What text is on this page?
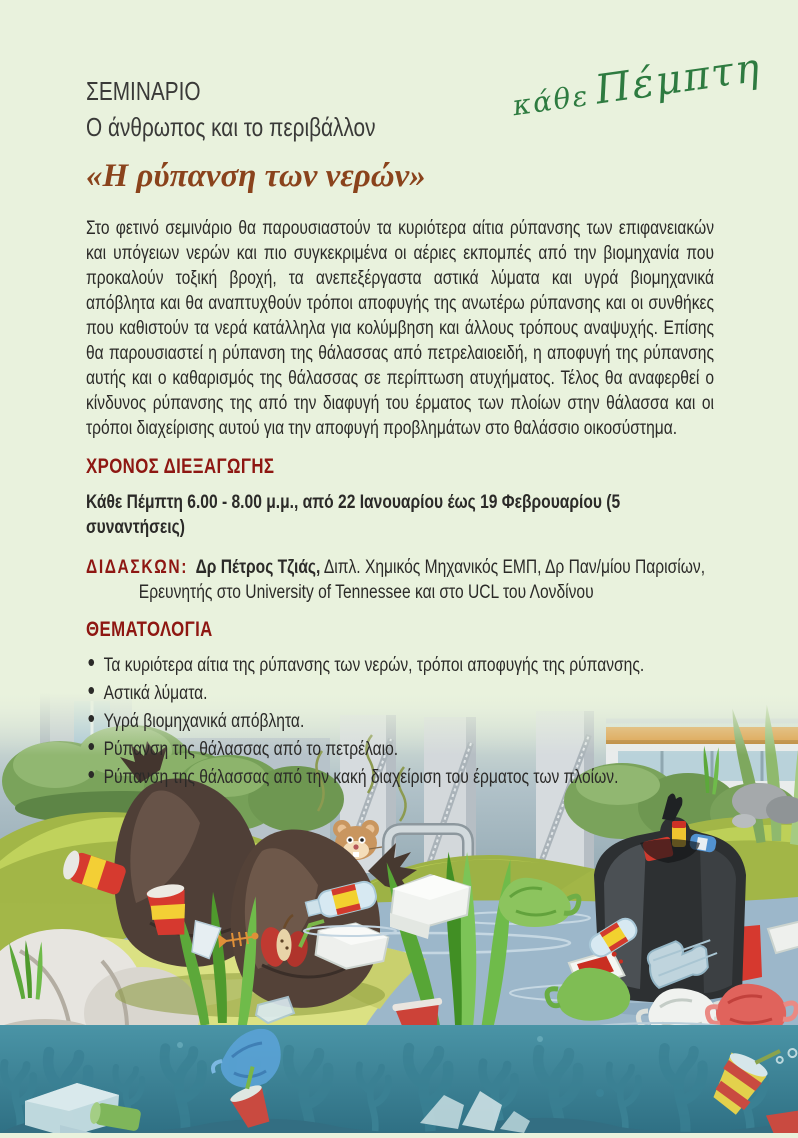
κάθε Πέμπτη

ΣΕΜΙΝΑΡΙΟ

Ο άνθρωπος και το περιβάλλον

«Η ρύπανση των νερών»

Στο φετινό σεμινάριο θα παρουσιαστούν τα κυριότερα αίτια ρύπανσης των επιφανειακών και υπόγειων νερών και πιο συγκεκριμένα οι αέριες εκπομπές από την βιομηχανία που προκαλούν τοξική βροχή, τα ανεπεξέργαστα αστικά λύματα και υγρά βιομηχανικά απόβλητα και θα αναπτυχθούν τρόποι αποφυγής της ανωτέρω ρύπανσης και οι συνθήκες που καθιστούν τα νερά κατάλληλα για κολύμβηση και άλλους τρόπους αναψυχής. Επίσης θα παρουσιαστεί η ρύπανση της θάλασσας από πετρελαιοειδή, η αποφυγή της ρύπανσης αυτής και ο καθαρισμός της θάλασσας σε περίπτωση ατυχήματος. Τέλος θα αναφερθεί ο κίνδυνος ρύπανσης της από την διαφυγή του έρματος των πλοίων στην θάλασσα και οι τρόποι διαχείρισης αυτού για την αποφυγή προβλημάτων στο θαλάσσιο οικοσύστημα.

ΧΡΟΝΟΣ ΔΙΕΞΑΓΩΓΗΣ

Κάθε Πέμπτη 6.00 - 8.00 μ.μ., από 22 Ιανουαρίου έως 19 Φεβρουαρίου (5 συναντήσεις)

ΔΙΔΑΣΚΩΝ: Δρ Πέτρος Τζιάς, Διπλ. Χημικός Μηχανικός ΕΜΠ, Δρ Παν/μίου Παρισίων,
Ερευνητής στο University of Tennessee και στο UCL του Λονδίνου
ΘΕΜΑΤΟΛΟΓΙΑ
• Τα κυριότερα αίτια της ρύπανσης των νερών, τρόποι αποφυγής της ρύπανσης.
• Αστικά λύματα.
• Υγρά βιομηχανικά απόβλητα.
• Ρύπανση της θάλασσας από το πετρέλαιο.
• Ρύπανση της θάλασσας από την κακή διαχείριση του έρματος των πλοίων.
